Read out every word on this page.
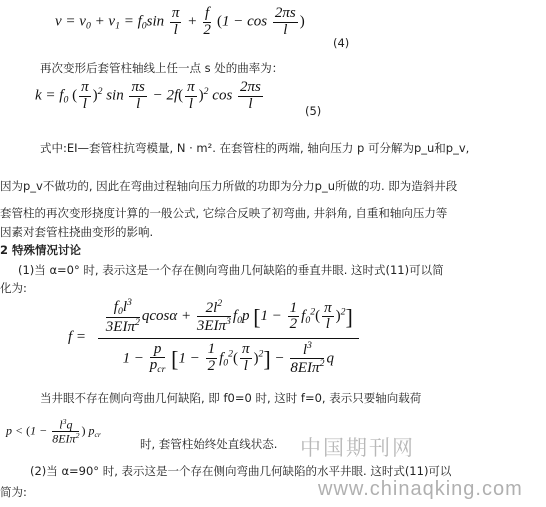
$v = v_0 + v_1 = f_0\sin \frac{\pi}{l} + \frac{f}{2} (1 - \cos \frac{2\pi s}{l}$ )
(4)
再次变形后套管柱轴线上任一点 s 处的曲率为：
$k = f_0$ ( $\frac{\pi}{l} )^2$ $\sin \frac{\pi s}{l} - 2f( \frac{\pi}{l} )^2$ $\cos \frac{2\pi s}{l}$	(5)
式中:EI—套管柱抗弯模量, N · m². 在套管柱的两端, 轴向压力 p 可分解为p_u和p_v,
因为p_v不做功的, 因此在弯曲过程轴向压力所做的功即为分力p_u所做的功. 即为造斜井段
套管柱的再次变形挠度计算的一般公式, 它综合反映了初弯曲, 井斜角, 自重和轴向压力等
因素对套管柱挠曲变形的影响.
2 特殊情况讨论
(1)当 α=0° 时, 表示这是一个存在侧向弯曲几何缺陷的垂直井眼. 这时式(11)可以简
化为:
f =
$\frac{f_0l^3}{3EI\pi^2}$ $qcos\alpha + \frac{2l^2}{3EI\pi^3} f_0p$ $[1 - \frac{1}{2} f_0^2( \frac{\pi}{l} )^2]$
$1 - \frac{p}{p_{cr}} [1 - \frac{1}{2} f_0^2( \frac{\pi}{l} )^2] - \frac{l^3}{8EI\pi^2}$ q
当井眼不存在侧向弯曲几何缺陷, 即 f0=0 时, 这时 f=0, 表示只要轴向载荷
$p < (1 - \frac{l^3q}{8EI\pi^2}$ ) $p_{cr}$
时, 套管柱始终处直线状态. 中国期刊网
(2)当 α=90° 时, 表示这是一个存在侧向弯曲几何缺陷的水平井眼. 这时式(11)可以
简为:	www.chinaqking.com
